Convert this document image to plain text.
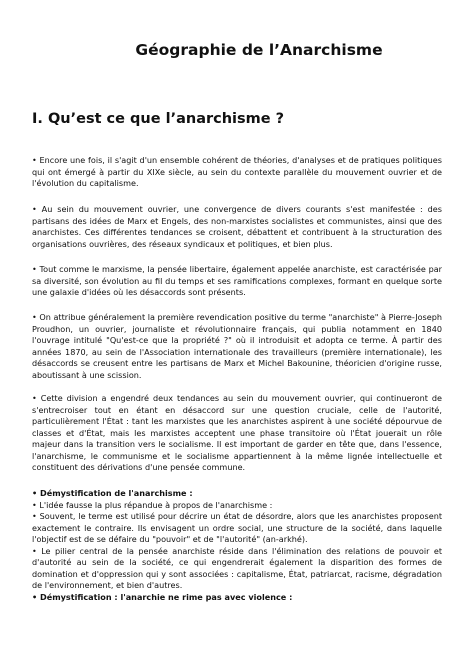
Géographie de l’Anarchisme
I. Qu’est ce que l’anarchisme ?

• Encore une fois, il s'agit d'un ensemble cohérent de théories, d'analyses et de pratiques politiques qui ont émergé à partir du XIXe siècle, au sein du contexte parallèle du mouvement ouvrier et de l'évolution du capitalisme.

• Au sein du mouvement ouvrier, une convergence de divers courants s'est manifestée : des partisans des idées de Marx et Engels, des non-marxistes socialistes et communistes, ainsi que des anarchistes. Ces différentes tendances se croisent, débattent et contribuent à la structuration des organisations ouvrières, des réseaux syndicaux et politiques, et bien plus.

• Tout comme le marxisme, la pensée libertaire, également appelée anarchiste, est caractérisée par sa diversité, son évolution au fil du temps et ses ramifications complexes, formant en quelque sorte une galaxie d'idées où les désaccords sont présents.

• On attribue généralement la première revendication positive du terme "anarchiste" à Pierre-Joseph Proudhon, un ouvrier, journaliste et révolutionnaire français, qui publia notamment en 1840 l'ouvrage intitulé "Qu'est-ce que la propriété ?" où il introduisit et adopta ce terme. À partir des années 1870, au sein de l'Association internationale des travailleurs (première internationale), les désaccords se creusent entre les partisans de Marx et Michel Bakounine, théoricien d'origine russe, aboutissant à une scission.

• Cette division a engendré deux tendances au sein du mouvement ouvrier, qui continueront de s'entrecroiser tout en étant en désaccord sur une question cruciale, celle de l'autorité, particulièrement l'État : tant les marxistes que les anarchistes aspirent à une société dépourvue de classes et d'État, mais les marxistes acceptent une phase transitoire où l'État jouerait un rôle majeur dans la transition vers le socialisme. Il est important de garder en tête que, dans l'essence, l'anarchisme, le communisme et le socialisme appartiennent à la même lignée intellectuelle et constituent des dérivations d'une pensée commune.

• Démystification de l'anarchisme :
• L'idée fausse la plus répandue à propos de l'anarchisme :
• Souvent, le terme est utilisé pour décrire un état de désordre, alors que les anarchistes proposent exactement le contraire. Ils envisagent un ordre social, une structure de la société, dans laquelle l'objectif est de se défaire du "pouvoir" et de "l'autorité" (an-arkhé).
• Le pilier central de la pensée anarchiste réside dans l'élimination des relations de pouvoir et d'autorité au sein de la société, ce qui engendrerait également la disparition des formes de domination et d'oppression qui y sont associées : capitalisme, État, patriarcat, racisme, dégradation de l'environnement, et bien d'autres.
• Démystification : l'anarchie ne rime pas avec violence :
